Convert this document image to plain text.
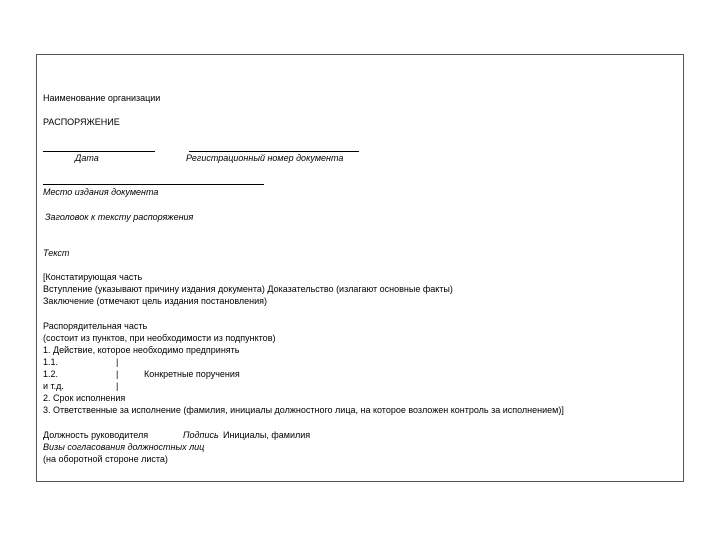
Наименование организации
РАСПОРЯЖЕНИЕ
Дата	Регистрационный номер документа
Место издания документа
Заголовок к тексту распоряжения
Текст
[Констатирующая часть
Вступление (указывают причину издания документа) Доказательство (излагают основные факты)
Заключение (отмечают цель издания постановления)
Распорядительная часть
(состоит из пунктов, при необходимости из подпунктов)
1. Действие, которое необходимо предпринять
1.1.	|
1.2.	|	Конкретные поручения
и т.д.	|
2. Срок исполнения
3. Ответственные за исполнение (фамилия, инициалы должностного лица, на которое возложен контроль за исполнением)]
Должность руководителя	Подпись Инициалы, фамилия
Визы согласования должностных лиц
(на оборотной стороне листа)
